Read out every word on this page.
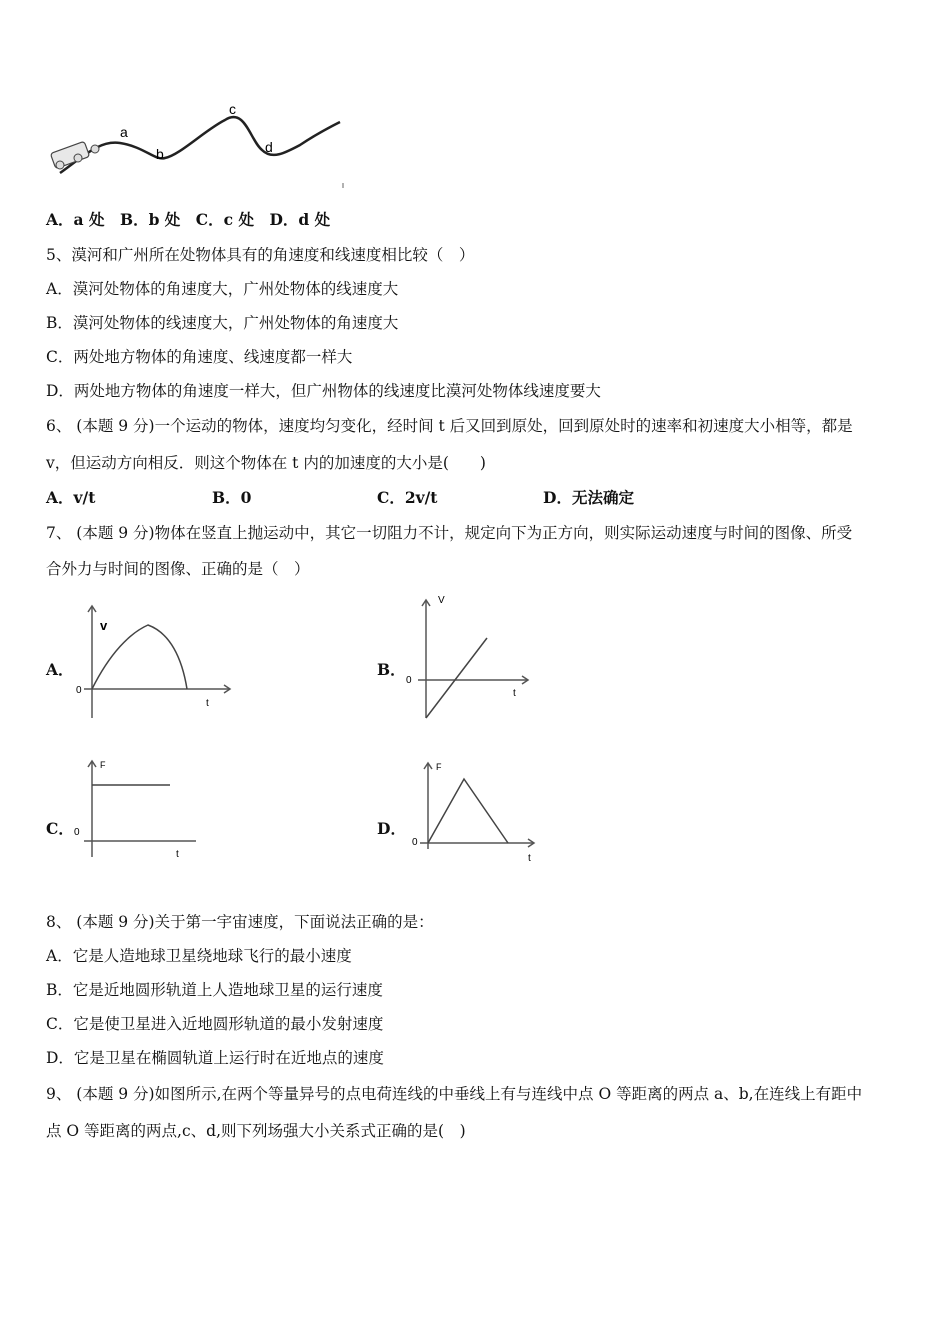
a
b
c
d
A．a 处　B．b 处　C．c 处　D．d 处
5、漠河和广州所在处物体具有的角速度和线速度相比较（　）
A．漠河处物体的角速度大，广州处物体的线速度大
B．漠河处物体的线速度大，广州处物体的角速度大
C．两处地方物体的角速度、线速度都一样大
D．两处地方物体的角速度一样大，但广州物体的线速度比漠河处物体线速度要大
6、 (本题 9 分)一个运动的物体，速度均匀变化，经时间 t 后又回到原处，回到原处时的速率和初速度大小相等，都是
v，但运动方向相反．则这个物体在 t 内的加速度的大小是(　　)
A．v/t	B．0	C．2v/t	D．无法确定
7、 (本题 9 分)物体在竖直上抛运动中，其它一切阻力不计，规定向下为正方向，则实际运动速度与时间的图像、所受
合外力与时间的图像、正确的是（　）
A．
v
0
t
B．
V
0
t
C．
F
0
t
D．
F
0
t
8、 (本题 9 分)关于第一宇宙速度，下面说法正确的是：
A．它是人造地球卫星绕地球飞行的最小速度
B．它是近地圆形轨道上人造地球卫星的运行速度
C．它是使卫星进入近地圆形轨道的最小发射速度
D．它是卫星在椭圆轨道上运行时在近地点的速度
9、 (本题 9 分)如图所示,在两个等量异号的点电荷连线的中垂线上有与连线中点 O 等距离的两点 a、b,在连线上有距中
点 O 等距离的两点,c、d,则下列场强大小关系式正确的是(　)
